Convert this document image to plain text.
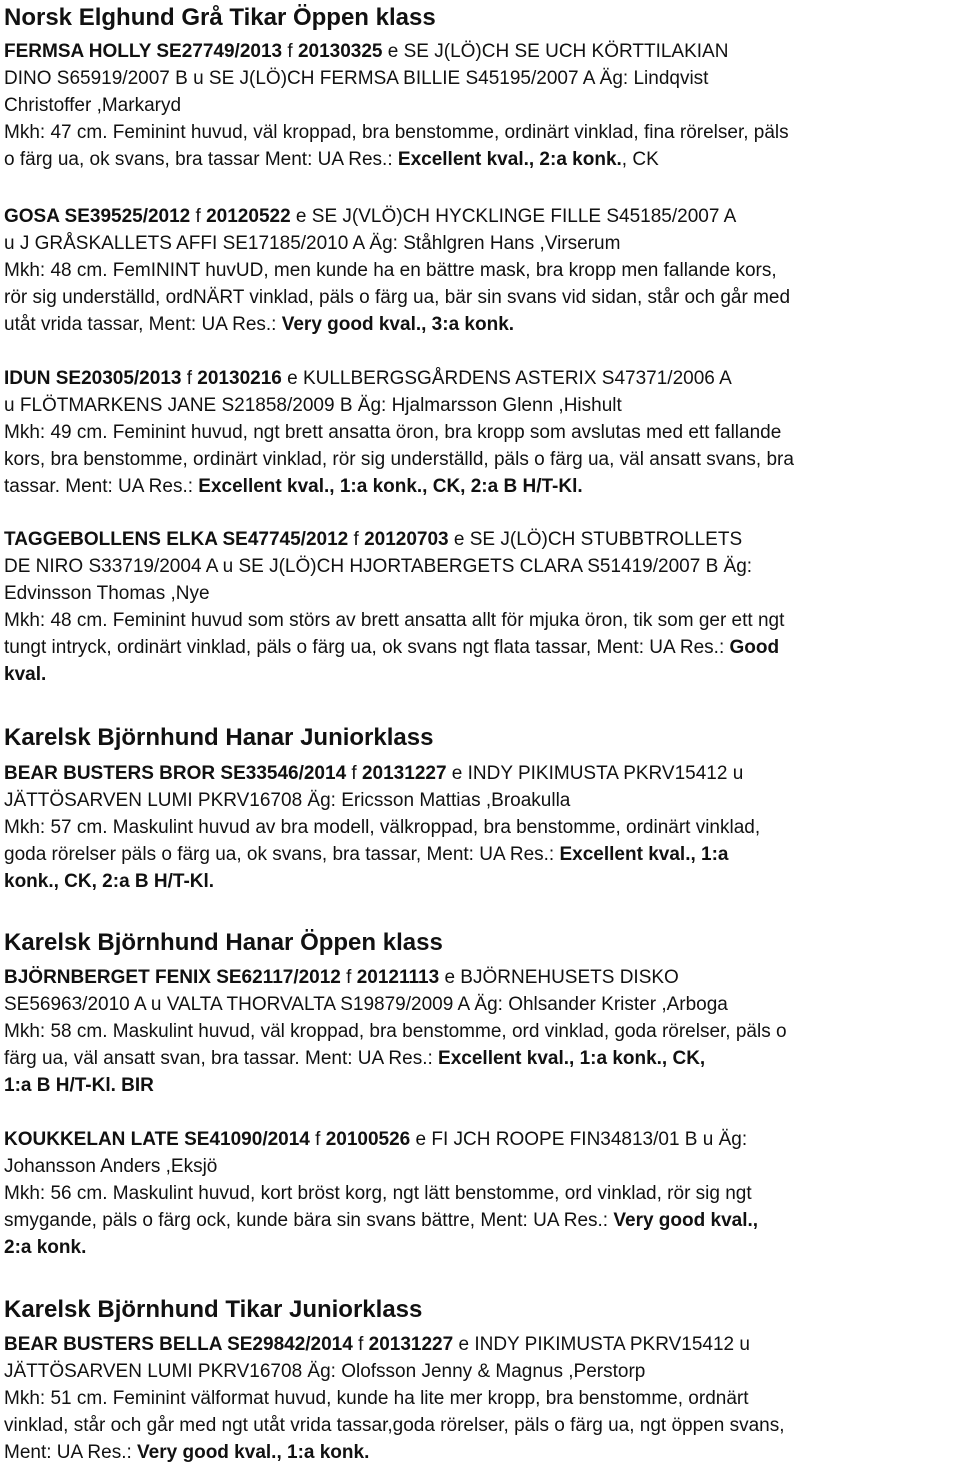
Norsk Elghund Grå Tikar Öppen klass
FERMSA HOLLY SE27749/2013 f 20130325 e SE J(LÖ)CH SE UCH KÖRTTILAKIAN
DINO S65919/2007 B u SE J(LÖ)CH FERMSA BILLIE S45195/2007 A Äg: Lindqvist
Christoffer ,Markaryd
Mkh: 47 cm. Feminint huvud, väl kroppad, bra benstomme, ordinärt vinklad, fina rörelser, päls
o färg ua, ok svans, bra tassar Ment: UA Res.: Excellent kval., 2:a konk., CK
GOSA SE39525/2012 f 20120522 e SE J(VLÖ)CH HYCKLINGE FILLE S45185/2007 A
u J GRÅSKALLETS AFFI SE17185/2010 A Äg: Ståhlgren Hans ,Virserum
Mkh: 48 cm. FemININT huvUD, men kunde ha en bättre mask, bra kropp men fallande kors,
rör sig underställd, ordNÄRT vinklad, päls o färg ua, bär sin svans vid sidan, står och går med
utåt vrida tassar, Ment: UA Res.: Very good kval., 3:a konk.
IDUN SE20305/2013 f 20130216 e KULLBERGSGÅRDENS ASTERIX S47371/2006 A
u FLÖTMARKENS JANE S21858/2009 B Äg: Hjalmarsson Glenn ,Hishult
Mkh: 49 cm. Feminint huvud, ngt brett ansatta öron, bra kropp som avslutas med ett fallande
kors, bra benstomme, ordinärt vinklad, rör sig underställd, päls o färg ua, väl ansatt svans, bra
tassar. Ment: UA Res.: Excellent kval., 1:a konk., CK, 2:a B H/T-Kl.
TAGGEBOLLENS ELKA SE47745/2012 f 20120703 e SE J(LÖ)CH STUBBTROLLETS
DE NIRO S33719/2004 A u SE J(LÖ)CH HJORTABERGETS CLARA S51419/2007 B Äg:
Edvinsson Thomas ,Nye
Mkh: 48 cm. Feminint huvud som störs av brett ansatta allt för mjuka öron, tik som ger ett ngt
tungt intryck, ordinärt vinklad, päls o färg ua, ok svans ngt flata tassar, Ment: UA Res.: Good
kval.
Karelsk Björnhund Hanar Juniorklass
BEAR BUSTERS BROR SE33546/2014 f 20131227 e INDY PIKIMUSTA PKRV15412 u
JÄTTÖSARVEN LUMI PKRV16708 Äg: Ericsson Mattias ,Broakulla
Mkh: 57 cm. Maskulint huvud av bra modell, välkroppad, bra benstomme, ordinärt vinklad,
goda rörelser päls o färg ua, ok svans, bra tassar, Ment: UA Res.: Excellent kval., 1:a
konk., CK, 2:a B H/T-Kl.
Karelsk Björnhund Hanar Öppen klass
BJÖRNBERGET FENIX SE62117/2012 f 20121113 e BJÖRNEHUSETS DISKO
SE56963/2010 A u VALTA THORVALTA S19879/2009 A Äg: Ohlsander Krister ,Arboga
Mkh: 58 cm. Maskulint huvud, väl kroppad, bra benstomme, ord vinklad, goda rörelser, päls o
färg ua, väl ansatt svan, bra tassar. Ment: UA Res.: Excellent kval., 1:a konk., CK,
1:a B H/T-Kl. BIR
KOUKKELAN LATE SE41090/2014 f 20100526 e FI JCH ROOPE FIN34813/01 B u Äg:
Johansson Anders ,Eksjö
Mkh: 56 cm. Maskulint huvud, kort bröst korg, ngt lätt benstomme, ord vinklad, rör sig ngt
smygande, päls o färg ock, kunde bära sin svans bättre, Ment: UA Res.: Very good kval.,
2:a konk.
Karelsk Björnhund Tikar Juniorklass
BEAR BUSTERS BELLA SE29842/2014 f 20131227 e INDY PIKIMUSTA PKRV15412 u
JÄTTÖSARVEN LUMI PKRV16708 Äg: Olofsson Jenny & Magnus ,Perstorp
Mkh: 51 cm. Feminint välformat huvud, kunde ha lite mer kropp, bra benstomme, ordnärt
vinklad, står och går med ngt utåt vrida tassar,goda rörelser, päls o färg ua, ngt öppen svans,
Ment: UA Res.: Very good kval., 1:a konk.
